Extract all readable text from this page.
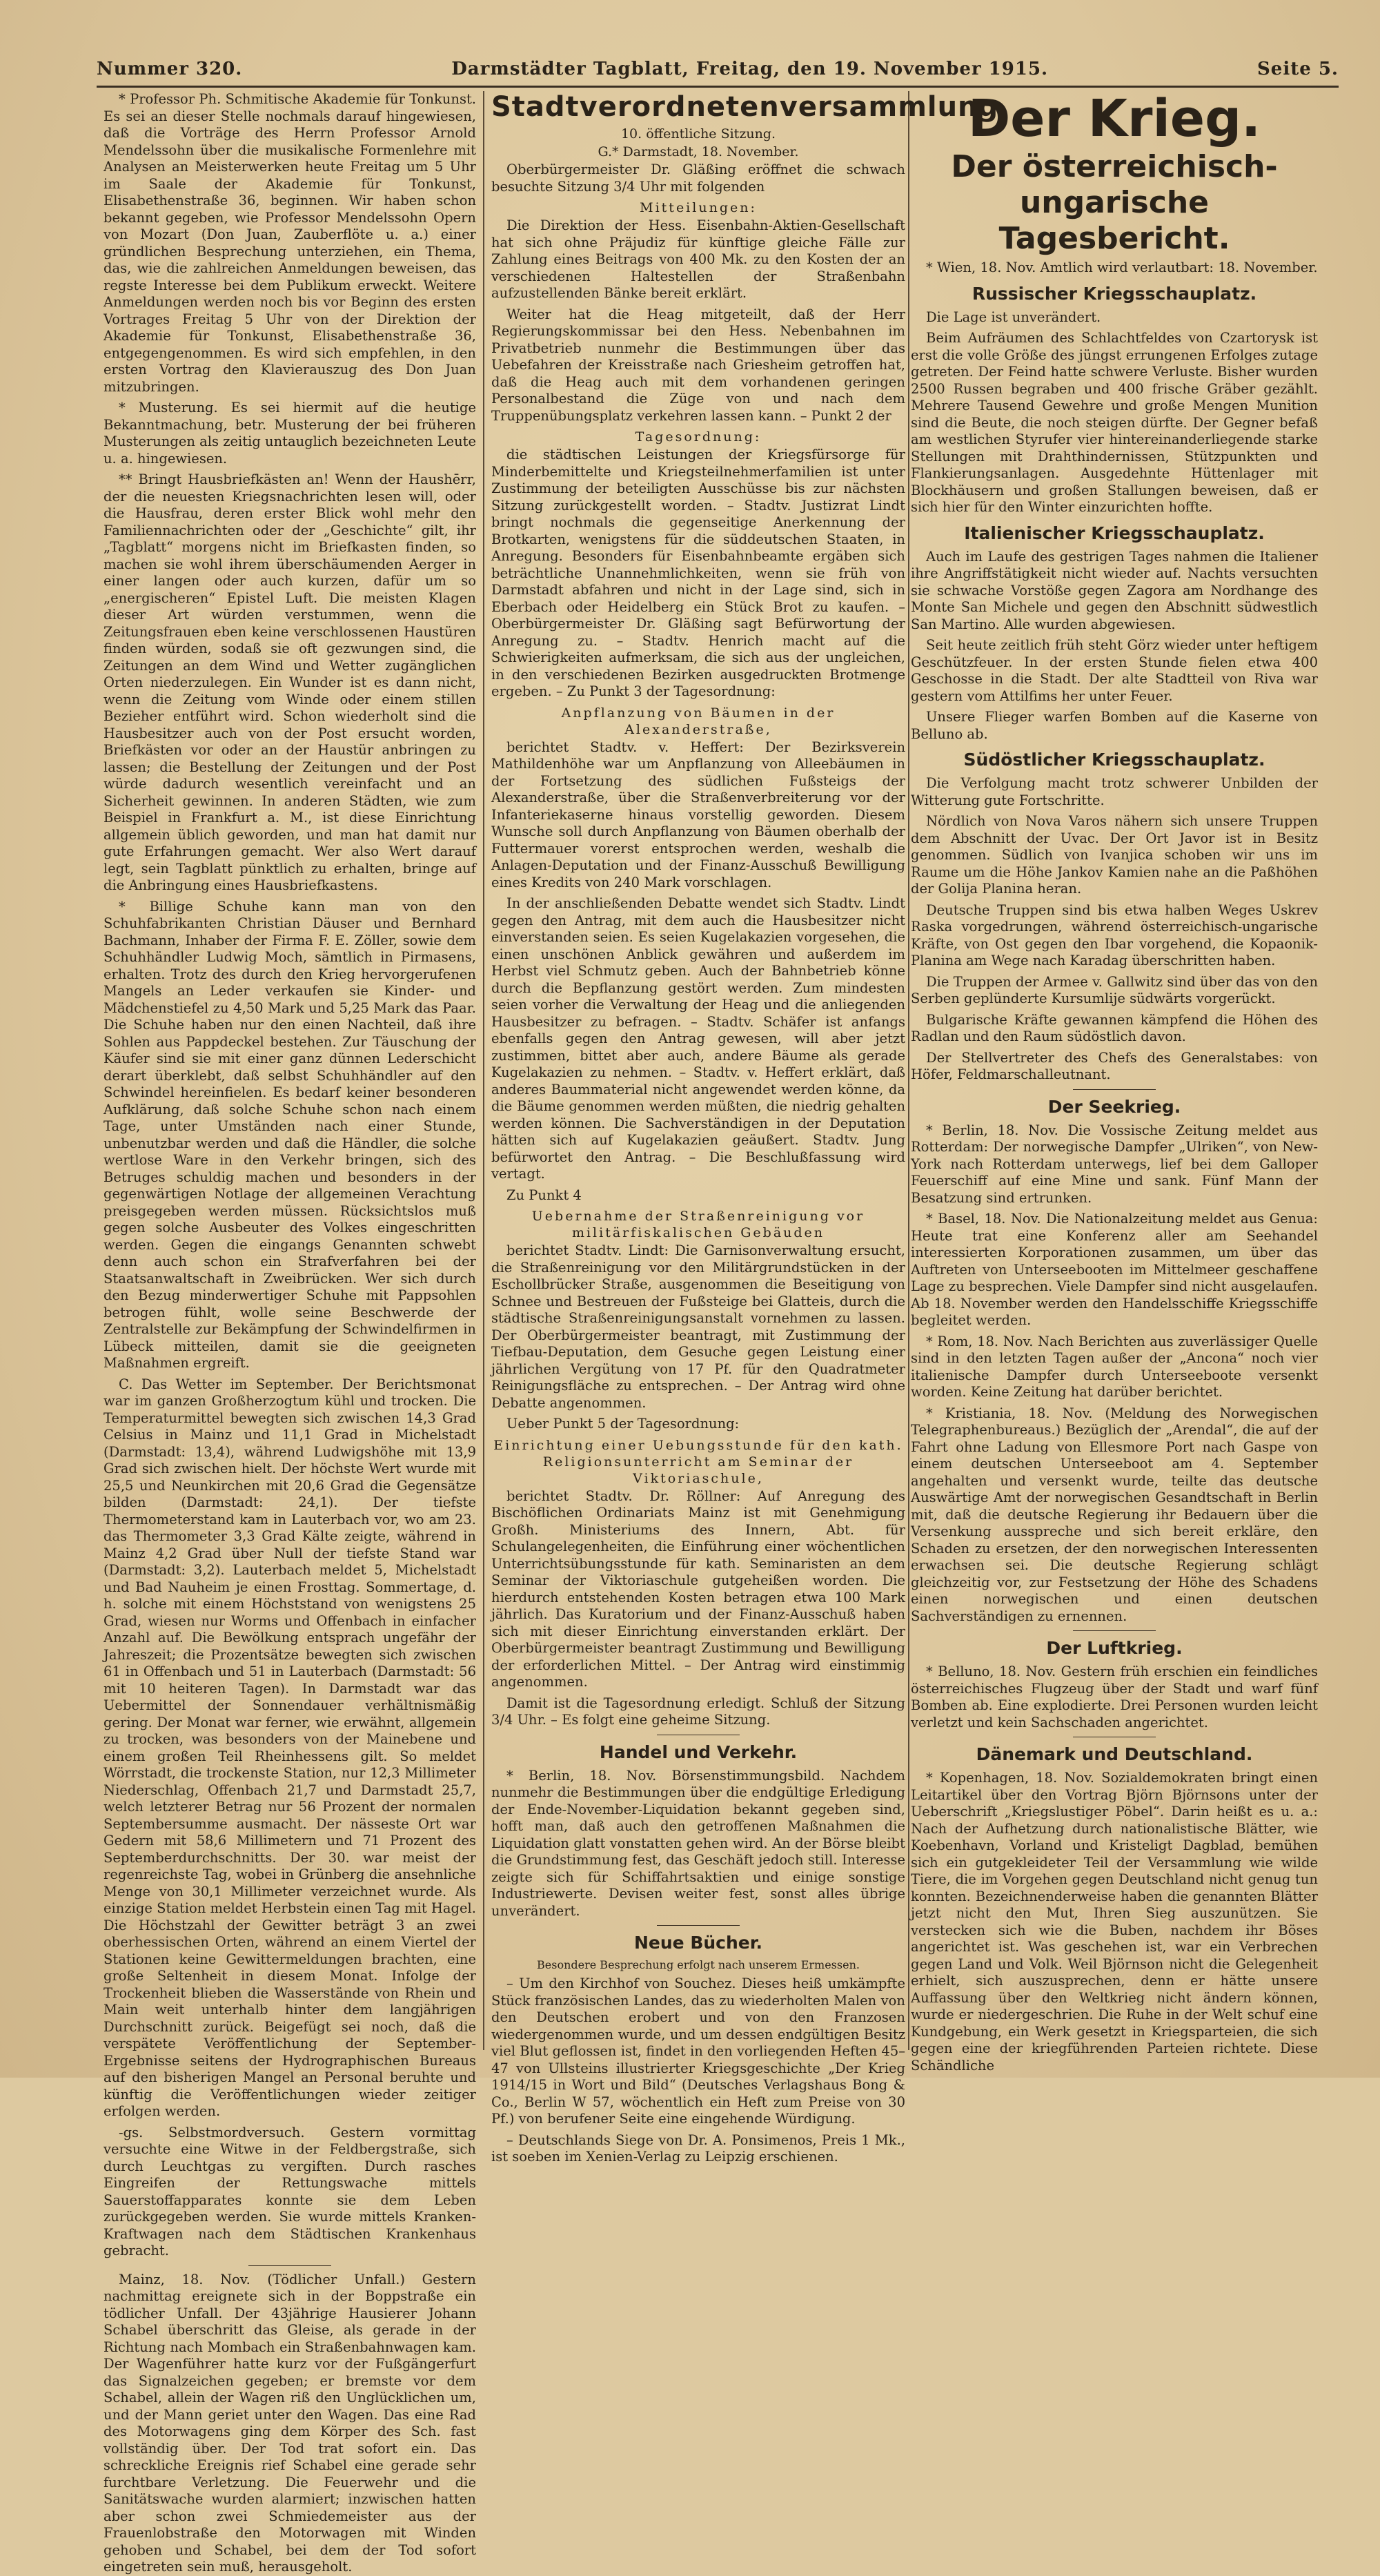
Nummer 320.	Darmstädter Tagblatt, Freitag, den 19. November 1915.	Seite 5.

* Professor Ph. Schmitische Akademie für Tonkunst. Es sei an dieser Stelle nochmals darauf hingewiesen, daß die Vorträge des Herrn Professor Arnold Mendelssohn über die musikalische Formenlehre mit Analysen an Meisterwerken heute Freitag um 5 Uhr im Saale der Akademie für Tonkunst, Elisabethenstraße 36, beginnen. Wir haben schon bekannt gegeben, wie Professor Mendelssohn Opern von Mozart (Don Juan, Zauberflöte u. a.) einer gründlichen Besprechung unterziehen, ein Thema, das, wie die zahlreichen Anmeldungen beweisen, das regste Interesse bei dem Publikum erweckt. Weitere Anmeldungen werden noch bis vor Beginn des ersten Vortrages Freitag 5 Uhr von der Direktion der Akademie für Tonkunst, Elisabethenstraße 36, entgegengenommen. Es wird sich empfehlen, in den ersten Vortrag den Klavierauszug des Don Juan mitzubringen.

* Musterung. Es sei hiermit auf die heutige Bekanntmachung, betr. Musterung der bei früheren Musterungen als zeitig untauglich bezeichneten Leute u. a. hingewiesen.

** Bringt Hausbriefkästen an! Wenn der Haushērr, der die neuesten Kriegsnachrichten lesen will, oder die Hausfrau, deren erster Blick wohl mehr den Familiennachrichten oder der „Geschichte“ gilt, ihr „Tagblatt“ morgens nicht im Briefkasten finden, so machen sie wohl ihrem überschäumenden Aerger in einer langen oder auch kurzen, dafür um so „energischeren“ Epistel Luft. Die meisten Klagen dieser Art würden verstummen, wenn die Zeitungsfrauen eben keine verschlossenen Haustüren finden würden, sodaß sie oft gezwungen sind, die Zeitungen an dem Wind und Wetter zugänglichen Orten niederzulegen. Ein Wunder ist es dann nicht, wenn die Zeitung vom Winde oder einem stillen Bezieher entführt wird. Schon wiederholt sind die Hausbesitzer auch von der Post ersucht worden, Briefkästen vor oder an der Haustür anbringen zu lassen; die Bestellung der Zeitungen und der Post würde dadurch wesentlich vereinfacht und an Sicherheit gewinnen. In anderen Städten, wie zum Beispiel in Frankfurt a. M., ist diese Einrichtung allgemein üblich geworden, und man hat damit nur gute Erfahrungen gemacht. Wer also Wert darauf legt, sein Tagblatt pünktlich zu erhalten, bringe auf die Anbringung eines Hausbriefkastens.

* Billige Schuhe kann man von den Schuhfabrikanten Christian Däuser und Bernhard Bachmann, Inhaber der Firma F. E. Zöller, sowie dem Schuhhändler Ludwig Moch, sämtlich in Pirmasens, erhalten. Trotz des durch den Krieg hervorgerufenen Mangels an Leder verkaufen sie Kinder- und Mädchenstiefel zu 4,50 Mark und 5,25 Mark das Paar. Die Schuhe haben nur den einen Nachteil, daß ihre Sohlen aus Pappdeckel bestehen. Zur Täuschung der Käufer sind sie mit einer ganz dünnen Lederschicht derart überklebt, daß selbst Schuhhändler auf den Schwindel hereinfielen. Es bedarf keiner besonderen Aufklärung, daß solche Schuhe schon nach einem Tage, unter Umständen nach einer Stunde, unbenutzbar werden und daß die Händler, die solche wertlose Ware in den Verkehr bringen, sich des Betruges schuldig machen und besonders in der gegenwärtigen Notlage der allgemeinen Verachtung preisgegeben werden müssen. Rücksichtslos muß gegen solche Ausbeuter des Volkes eingeschritten werden. Gegen die eingangs Genannten schwebt denn auch schon ein Strafverfahren bei der Staatsanwaltschaft in Zweibrücken. Wer sich durch den Bezug minderwertiger Schuhe mit Pappsohlen betrogen fühlt, wolle seine Beschwerde der Zentralstelle zur Bekämpfung der Schwindelfirmen in Lübeck mitteilen, damit sie die geeigneten Maßnahmen ergreift.

C. Das Wetter im September. Der Berichtsmonat war im ganzen Großherzogtum kühl und trocken. Die Temperaturmittel bewegten sich zwischen 14,3 Grad Celsius in Mainz und 11,1 Grad in Michelstadt (Darmstadt: 13,4), während Ludwigshöhe mit 13,9 Grad sich zwischen hielt. Der höchste Wert wurde mit 25,5 und Neunkirchen mit 20,6 Grad die Gegensätze bilden (Darmstadt: 24,1). Der tiefste Thermometerstand kam in Lauterbach vor, wo am 23. das Thermometer 3,3 Grad Kälte zeigte, während in Mainz 4,2 Grad über Null der tiefste Stand war (Darmstadt: 3,2). Lauterbach meldet 5, Michelstadt und Bad Nauheim je einen Frosttag. Sommertage, d. h. solche mit einem Höchststand von wenigstens 25 Grad, wiesen nur Worms und Offenbach in einfacher Anzahl auf. Die Bewölkung entsprach ungefähr der Jahreszeit; die Prozentsätze bewegten sich zwischen 61 in Offenbach und 51 in Lauterbach (Darmstadt: 56 mit 10 heiteren Tagen). In Darmstadt war das Uebermittel der Sonnendauer verhältnismäßig gering. Der Monat war ferner, wie erwähnt, allgemein zu trocken, was besonders von der Mainebene und einem großen Teil Rheinhessens gilt. So meldet Wörrstadt, die trockenste Station, nur 12,3 Millimeter Niederschlag, Offenbach 21,7 und Darmstadt 25,7, welch letzterer Betrag nur 56 Prozent der normalen Septembersumme ausmacht. Der nässeste Ort war Gedern mit 58,6 Millimetern und 71 Prozent des Septemberdurchschnitts. Der 30. war meist der regenreichste Tag, wobei in Grünberg die ansehnliche Menge von 30,1 Millimeter verzeichnet wurde. Als einzige Station meldet Herbstein einen Tag mit Hagel. Die Höchstzahl der Gewitter beträgt 3 an zwei oberhessischen Orten, während an einem Viertel der Stationen keine Gewittermeldungen brachten, eine große Seltenheit in diesem Monat. Infolge der Trockenheit blieben die Wasserstände von Rhein und Main weit unterhalb hinter dem langjährigen Durchschnitt zurück. Beigefügt sei noch, daß die verspätete Veröffentlichung der September-Ergebnisse seitens der Hydrographischen Bureaus auf den bisherigen Mangel an Personal beruhte und künftig die Veröffentlichungen wieder zeitiger erfolgen werden.

-gs. Selbstmordversuch. Gestern vormittag versuchte eine Witwe in der Feldbergstraße, sich durch Leuchtgas zu vergiften. Durch rasches Eingreifen der Rettungswache mittels Sauerstoffapparates konnte sie dem Leben zurückgegeben werden. Sie wurde mittels Kranken-Kraftwagen nach dem Städtischen Krankenhaus gebracht.

Mainz, 18. Nov. (Tödlicher Unfall.) Gestern nachmittag ereignete sich in der Boppstraße ein tödlicher Unfall. Der 43jährige Hausierer Johann Schabel überschritt das Gleise, als gerade in der Richtung nach Mombach ein Straßenbahnwagen kam. Der Wagenführer hatte kurz vor der Fußgängerfurt das Signalzeichen gegeben; er bremste vor dem Schabel, allein der Wagen riß den Unglücklichen um, und der Mann geriet unter den Wagen. Das eine Rad des Motorwagens ging dem Körper des Sch. fast vollständig über. Der Tod trat sofort ein. Das schreckliche Ereignis rief Schabel eine gerade sehr furchtbare Verletzung. Die Feuerwehr und die Sanitätswache wurden alarmiert; inzwischen hatten aber schon zwei Schmiedemeister aus der Frauenlobstraße den Motorwagen mit Winden gehoben und Schabel, bei dem der Tod sofort eingetreten sein muß, herausgeholt.

Stadtverordnetenversammlung.
10. öffentliche Sitzung.
G.* Darmstadt, 18. November.

Oberbürgermeister Dr. Gläßing eröffnet die schwach besuchte Sitzung 3/4 Uhr mit folgenden

Mitteilungen:

Die Direktion der Hess. Eisenbahn-Aktien-Gesellschaft hat sich ohne Präjudiz für künftige gleiche Fälle zur Zahlung eines Beitrags von 400 Mk. zu den Kosten der an verschiedenen Haltestellen der Straßenbahn aufzustellenden Bänke bereit erklärt.

Weiter hat die Heag mitgeteilt, daß der Herr Regierungskommissar bei den Hess. Nebenbahnen im Privatbetrieb nunmehr die Bestimmungen über das Uebefahren der Kreisstraße nach Griesheim getroffen hat, daß die Heag auch mit dem vorhandenen geringen Personalbestand die Züge von und nach dem Truppenübungsplatz verkehren lassen kann. – Punkt 2 der

Tagesordnung:

die städtischen Leistungen der Kriegsfürsorge für Minderbemittelte und Kriegsteilnehmerfamilien ist unter Zustimmung der beteiligten Ausschüsse bis zur nächsten Sitzung zurückgestellt worden. – Stadtv. Justizrat Lindt bringt nochmals die gegenseitige Anerkennung der Brotkarten, wenigstens für die süddeutschen Staaten, in Anregung. Besonders für Eisenbahnbeamte ergäben sich beträchtliche Unannehmlichkeiten, wenn sie früh von Darmstadt abfahren und nicht in der Lage sind, sich in Eberbach oder Heidelberg ein Stück Brot zu kaufen. – Oberbürgermeister Dr. Gläßing sagt Befürwortung der Anregung zu. – Stadtv. Henrich macht auf die Schwierigkeiten aufmerksam, die sich aus der ungleichen, in den verschiedenen Bezirken ausgedruckten Brotmenge ergeben. – Zu Punkt 3 der Tagesordnung:

Anpflanzung von Bäumen in der Alexanderstraße,

berichtet Stadtv. v. Heffert: Der Bezirksverein Mathildenhöhe war um Anpflanzung von Alleebäumen in der Fortsetzung des südlichen Fußsteigs der Alexanderstraße, über die Straßenverbreiterung vor der Infanteriekaserne hinaus vorstellig geworden. Diesem Wunsche soll durch Anpflanzung von Bäumen oberhalb der Futtermauer vorerst entsprochen werden, weshalb die Anlagen-Deputation und der Finanz-Ausschuß Bewilligung eines Kredits von 240 Mark vorschlagen.

In der anschließenden Debatte wendet sich Stadtv. Lindt gegen den Antrag, mit dem auch die Hausbesitzer nicht einverstanden seien. Es seien Kugelakazien vorgesehen, die einen unschönen Anblick gewähren und außerdem im Herbst viel Schmutz geben. Auch der Bahnbetrieb könne durch die Bepflanzung gestört werden. Zum mindesten seien vorher die Verwaltung der Heag und die anliegenden Hausbesitzer zu befragen. – Stadtv. Schäfer ist anfangs ebenfalls gegen den Antrag gewesen, will aber jetzt zustimmen, bittet aber auch, andere Bäume als gerade Kugelakazien zu nehmen. – Stadtv. v. Heffert erklärt, daß anderes Baummaterial nicht angewendet werden könne, da die Bäume genommen werden müßten, die niedrig gehalten werden können. Die Sachverständigen in der Deputation hätten sich auf Kugelakazien geäußert. Stadtv. Jung befürwortet den Antrag. – Die Beschlußfassung wird vertagt.

Zu Punkt 4

Uebernahme der Straßenreinigung vor militärfiskalischen Gebäuden

berichtet Stadtv. Lindt: Die Garnisonverwaltung ersucht, die Straßenreinigung vor den Militärgrundstücken in der Eschollbrücker Straße, ausgenommen die Beseitigung von Schnee und Bestreuen der Fußsteige bei Glatteis, durch die städtische Straßenreinigungsanstalt vornehmen zu lassen. Der Oberbürgermeister beantragt, mit Zustimmung der Tiefbau-Deputation, dem Gesuche gegen Leistung einer jährlichen Vergütung von 17 Pf. für den Quadratmeter Reinigungsfläche zu entsprechen. – Der Antrag wird ohne Debatte angenommen.

Ueber Punkt 5 der Tagesordnung:

Einrichtung einer Uebungsstunde für den kath. Religionsunterricht am Seminar der Viktoriaschule,

berichtet Stadtv. Dr. Röllner: Auf Anregung des Bischöflichen Ordinariats Mainz ist mit Genehmigung Großh. Ministeriums des Innern, Abt. für Schulangelegenheiten, die Einführung einer wöchentlichen Unterrichtsübungsstunde für kath. Seminaristen an dem Seminar der Viktoriaschule gutgeheißen worden. Die hierdurch entstehenden Kosten betragen etwa 100 Mark jährlich. Das Kuratorium und der Finanz-Ausschuß haben sich mit dieser Einrichtung einverstanden erklärt. Der Oberbürgermeister beantragt Zustimmung und Bewilligung der erforderlichen Mittel. – Der Antrag wird einstimmig angenommen.

Damit ist die Tagesordnung erledigt. Schluß der Sitzung 3/4 Uhr. – Es folgt eine geheime Sitzung.

Handel und Verkehr.

* Berlin, 18. Nov. Börsenstimmungsbild. Nachdem nunmehr die Bestimmungen über die endgültige Erledigung der Ende-November-Liquidation bekannt gegeben sind, hofft man, daß auch den getroffenen Maßnahmen die Liquidation glatt vonstatten gehen wird. An der Börse bleibt die Grundstimmung fest, das Geschäft jedoch still. Interesse zeigte sich für Schiffahrtsaktien und einige sonstige Industriewerte. Devisen weiter fest, sonst alles übrige unverändert.

Neue Bücher.
Besondere Besprechung erfolgt nach unserem Ermessen.

– Um den Kirchhof von Souchez. Dieses heiß umkämpfte Stück französischen Landes, das zu wiederholten Malen von den Deutschen erobert und von den Franzosen wiedergenommen wurde, und um dessen endgültigen Besitz viel Blut geflossen ist, findet in den vorliegenden Heften 45–47 von Ullsteins illustrierter Kriegsgeschichte „Der Krieg 1914/15 in Wort und Bild“ (Deutsches Verlagshaus Bong & Co., Berlin W 57, wöchentlich ein Heft zum Preise von 30 Pf.) von berufener Seite eine eingehende Würdigung.

– Deutschlands Siege von Dr. A. Ponsimenos, Preis 1 Mk., ist soeben im Xenien-Verlag zu Leipzig erschienen.

Der Krieg.
Der österreichisch-ungarische Tagesbericht.

* Wien, 18. Nov. Amtlich wird verlautbart: 18. November.

Russischer Kriegsschauplatz.

Die Lage ist unverändert.

Beim Aufräumen des Schlachtfeldes von Czartorysk ist erst die volle Größe des jüngst errungenen Erfolges zutage getreten. Der Feind hatte schwere Verluste. Bisher wurden 2500 Russen begraben und 400 frische Gräber gezählt. Mehrere Tausend Gewehre und große Mengen Munition sind die Beute, die noch steigen dürfte. Der Gegner befaß am westlichen Styrufer vier hintereinanderliegende starke Stellungen mit Drahthindernissen, Stützpunkten und Flankierungsanlagen. Ausgedehnte Hüttenlager mit Blockhäusern und großen Stallungen beweisen, daß er sich hier für den Winter einzurichten hoffte.

Italienischer Kriegsschauplatz.

Auch im Laufe des gestrigen Tages nahmen die Italiener ihre Angriffstätigkeit nicht wieder auf. Nachts versuchten sie schwache Vorstöße gegen Zagora am Nordhange des Monte San Michele und gegen den Abschnitt südwestlich San Martino. Alle wurden abgewiesen.

Seit heute zeitlich früh steht Görz wieder unter heftigem Geschützfeuer. In der ersten Stunde fielen etwa 400 Geschosse in die Stadt. Der alte Stadtteil von Riva war gestern vom Attilfims her unter Feuer.

Unsere Flieger warfen Bomben auf die Kaserne von Belluno ab.

Südöstlicher Kriegsschauplatz.

Die Verfolgung macht trotz schwerer Unbilden der Witterung gute Fortschritte.

Nördlich von Nova Varos nähern sich unsere Truppen dem Abschnitt der Uvac. Der Ort Javor ist in Besitz genommen. Südlich von Ivanjica schoben wir uns im Raume um die Höhe Jankov Kamien nahe an die Paßhöhen der Golija Planina heran.

Deutsche Truppen sind bis etwa halben Weges Uskrev Raska vorgedrungen, während österreichisch-ungarische Kräfte, von Ost gegen den Ibar vorgehend, die Kopaonik-Planina am Wege nach Karadag überschritten haben.

Die Truppen der Armee v. Gallwitz sind über das von den Serben geplünderte Kursumlije südwärts vorgerückt.

Bulgarische Kräfte gewannen kämpfend die Höhen des Radlan und den Raum südöstlich davon.

Der Stellvertreter des Chefs des Generalstabes: von Höfer, Feldmarschalleutnant.

Der Seekrieg.

* Berlin, 18. Nov. Die Vossische Zeitung meldet aus Rotterdam: Der norwegische Dampfer „Ulriken“, von New-York nach Rotterdam unterwegs, lief bei dem Galloper Feuerschiff auf eine Mine und sank. Fünf Mann der Besatzung sind ertrunken.

* Basel, 18. Nov. Die Nationalzeitung meldet aus Genua: Heute trat eine Konferenz aller am Seehandel interessierten Korporationen zusammen, um über das Auftreten von Unterseebooten im Mittelmeer geschaffene Lage zu besprechen. Viele Dampfer sind nicht ausgelaufen. Ab 18. November werden den Handelsschiffe Kriegsschiffe begleitet werden.

* Rom, 18. Nov. Nach Berichten aus zuverlässiger Quelle sind in den letzten Tagen außer der „Ancona“ noch vier italienische Dampfer durch Unterseeboote versenkt worden. Keine Zeitung hat darüber berichtet.

* Kristiania, 18. Nov. (Meldung des Norwegischen Telegraphenbureaus.) Bezüglich der „Arendal“, die auf der Fahrt ohne Ladung von Ellesmore Port nach Gaspe von einem deutschen Unterseeboot am 4. September angehalten und versenkt wurde, teilte das deutsche Auswärtige Amt der norwegischen Gesandtschaft in Berlin mit, daß die deutsche Regierung ihr Bedauern über die Versenkung ausspreche und sich bereit erkläre, den Schaden zu ersetzen, der den norwegischen Interessenten erwachsen sei. Die deutsche Regierung schlägt gleichzeitig vor, zur Festsetzung der Höhe des Schadens einen norwegischen und einen deutschen Sachverständigen zu ernennen.

Der Luftkrieg.

* Belluno, 18. Nov. Gestern früh erschien ein feindliches österreichisches Flugzeug über der Stadt und warf fünf Bomben ab. Eine explodierte. Drei Personen wurden leicht verletzt und kein Sachschaden angerichtet.

Dänemark und Deutschland.

* Kopenhagen, 18. Nov. Sozialdemokraten bringt einen Leitartikel über den Vortrag Björn Björnsons unter der Ueberschrift „Kriegslustiger Pöbel“. Darin heißt es u. a.: Nach der Aufhetzung durch nationalistische Blätter, wie Koebenhavn, Vorland und Kristeligt Dagblad, bemühen sich ein gutgekleideter Teil der Versammlung wie wilde Tiere, die im Vorgehen gegen Deutschland nicht genug tun konnten. Bezeichnenderweise haben die genannten Blätter jetzt nicht den Mut, Ihren Sieg auszunützen. Sie verstecken sich wie die Buben, nachdem ihr Böses angerichtet ist. Was geschehen ist, war ein Verbrechen gegen Land und Volk. Weil Björnson nicht die Gelegenheit erhielt, sich auszusprechen, denn er hätte unsere Auffassung über den Weltkrieg nicht ändern können, wurde er niedergeschrien. Die Ruhe in der Welt schuf eine Kundgebung, ein Werk gesetzt in Kriegsparteien, die sich gegen eine der kriegführenden Parteien richtete. Diese Schändliche
